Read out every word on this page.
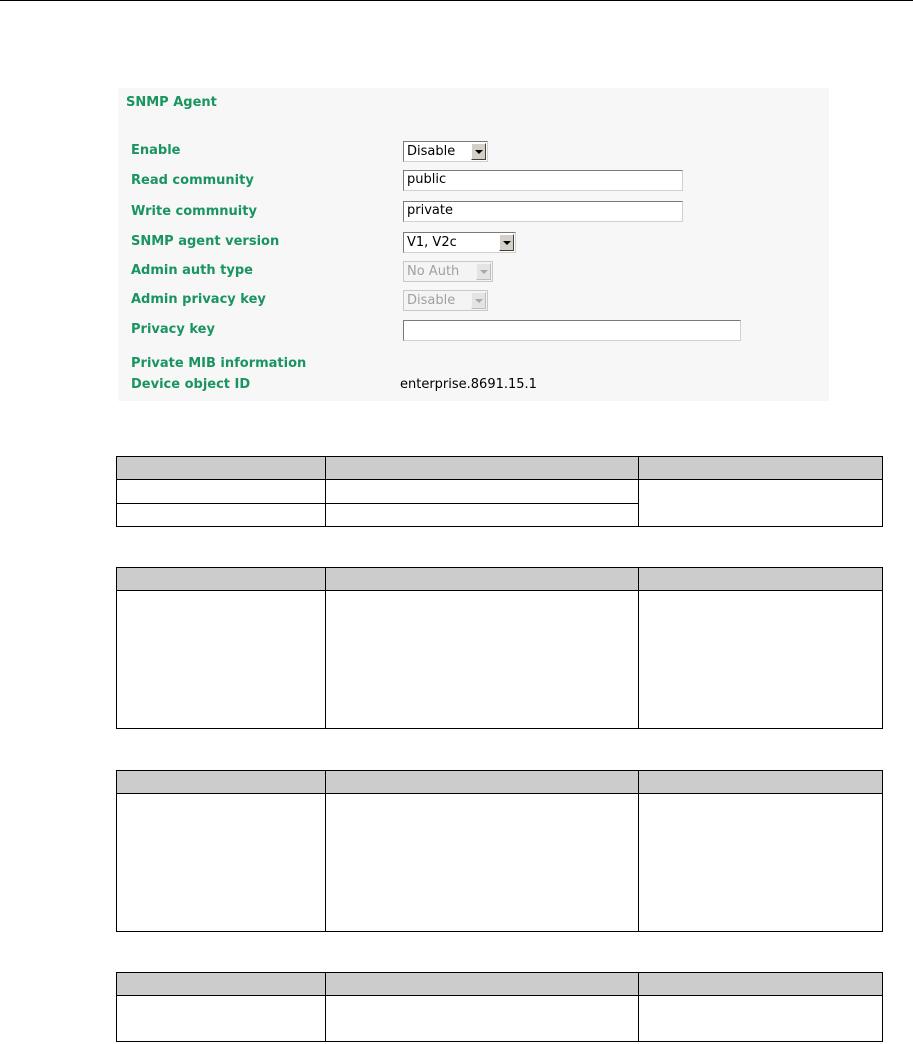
SNMP Agent
Enable	Disable
Read community	public
Write commnuity	private
SNMP agent version	V1, V2c
Admin auth type	No Auth
Admin privacy key	Disable
Privacy key
Private MIB information
Device object ID	enterprise.8691.15.1
